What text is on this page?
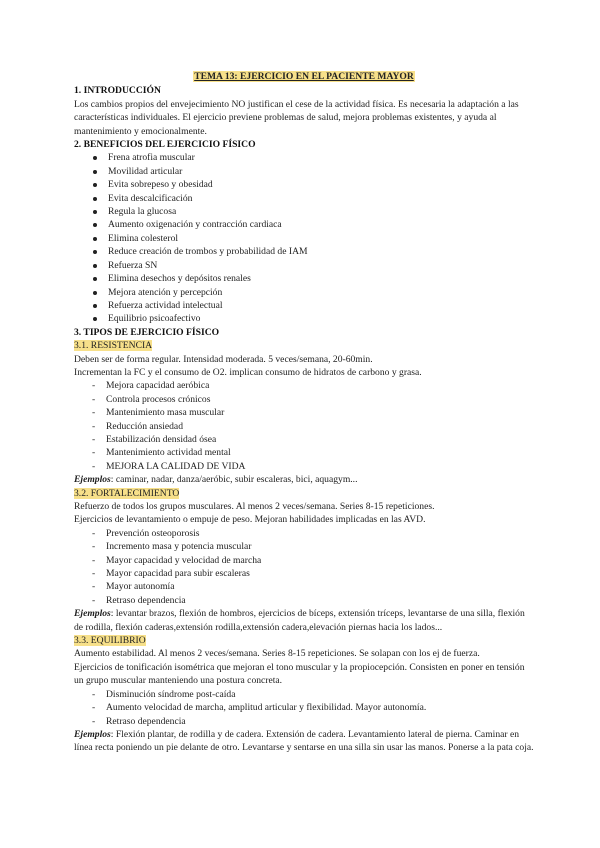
TEMA 13: EJERCICIO EN EL PACIENTE MAYOR
1. INTRODUCCIÓN

Los cambios propios del envejecimiento NO justifican el cese de la actividad física. Es necesaria la adaptación a las características individuales. El ejercicio previene problemas de salud, mejora problemas existentes, y ayuda al mantenimiento y emocionalmente.

2. BENEFICIOS DEL EJERCICIO FÍSICO
Frena atrofia muscular
Movilidad articular
Evita sobrepeso y obesidad
Evita descalcificación
Regula la glucosa
Aumento oxigenación y contracción cardiaca
Elimina colesterol
Reduce creación de trombos y probabilidad de IAM
Refuerza SN
Elimina desechos y depósitos renales
Mejora atención y percepción
Refuerza actividad intelectual
Equilibrio psicoafectivo
3. TIPOS DE EJERCICIO FÍSICO

3.1. RESISTENCIA

Deben ser de forma regular. Intensidad moderada. 5 veces/semana, 20-60min.

Incrementan la FC y el consumo de O2. implican consumo de hidratos de carbono y grasa.

- Mejora capacidad aeróbica
- Controla procesos crónicos
- Mantenimiento masa muscular
- Reducción ansiedad
- Estabilización densidad ósea
- Mantenimiento actividad mental
- MEJORA LA CALIDAD DE VIDA

Ejemplos: caminar, nadar, danza/aeróbic, subir escaleras, bici, aquagym...

3.2. FORTALECIMIENTO

Refuerzo de todos los grupos musculares. Al menos 2 veces/semana. Series 8-15 repeticiones.

Ejercicios de levantamiento o empuje de peso. Mejoran habilidades implicadas en las AVD.

- Prevención osteoporosis
- Incremento masa y potencia muscular
- Mayor capacidad y velocidad de marcha
- Mayor capacidad para subir escaleras
- Mayor autonomía
- Retraso dependencia

Ejemplos: levantar brazos, flexión de hombros, ejercicios de bíceps, extensión tríceps, levantarse de una silla, flexión de rodilla, flexión caderas,extensión rodilla,extensión cadera,elevación piernas hacia los lados...

3.3. EQUILIBRIO

Aumento estabilidad. Al menos 2 veces/semana. Series 8-15 repeticiones. Se solapan con los ej de fuerza.

Ejercicios de tonificación isométrica que mejoran el tono muscular y la propiocepción. Consisten en poner en tensión un grupo muscular manteniendo una postura concreta.

- Disminución síndrome post-caída
- Aumento velocidad de marcha, amplitud articular y flexibilidad. Mayor autonomía.
- Retraso dependencia

Ejemplos: Flexión plantar, de rodilla y de cadera. Extensión de cadera. Levantamiento lateral de pierna. Caminar en línea recta poniendo un pie delante de otro. Levantarse y sentarse en una silla sin usar las manos. Ponerse a la pata coja.
